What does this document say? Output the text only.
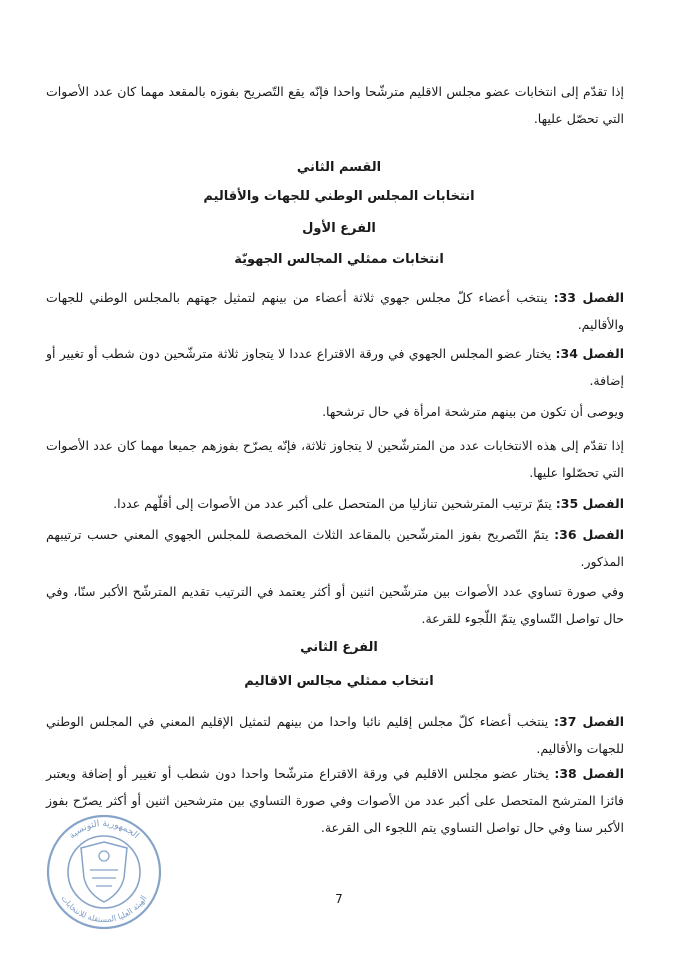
إذا تقدّم إلى انتخابات عضو مجلس الاقليم مترشّحا واحدا فإنّه يقع التّصريح بفوزه بالمقعد مهما كان عدد الأصوات التي تحصّل عليها.

القسم الثاني
انتخابات المجلس الوطني للجهات والأقاليم
الفرع الأول
انتخابات ممثلي المجالس الجهويّة

الفصل 33: ينتخب أعضاء كلّ مجلس جهوي ثلاثة أعضاء من بينهم لتمثيل جهتهم بالمجلس الوطني للجهات والأقاليم.

الفصل 34: يختار عضو المجلس الجهوي في ورقة الاقتراع عددا لا يتجاوز ثلاثة مترشّحين دون شطب أو تغيير أو إضافة.

ويوصى أن تكون من بينهم مترشحة امرأة في حال ترشحها.

إذا تقدّم إلى هذه الانتخابات عدد من المترشّحين لا يتجاوز ثلاثة، فإنّه يصرّح بفوزهم جميعا مهما كان عدد الأصوات التي تحصّلوا عليها.

الفصل 35: يتمّ ترتيب المترشحين تنازليا من المتحصل على أكبر عدد من الأصوات إلى أقلّهم عددا.

الفصل 36: يتمّ التّصريح بفوز المترشّحين بالمقاعد الثلاث المخصصة للمجلس الجهوي المعني حسب ترتيبهم المذكور.

وفي صورة تساوي عدد الأصوات بين مترشّحين اثنين أو أكثر يعتمد في الترتيب تقديم المترشّح الأكبر سنّا، وفي حال تواصل التّساوي يتمّ اللّجوء للقرعة.

الفرع الثاني
انتخاب ممثلي مجالس الاقاليم

الفصل 37: ينتخب أعضاء كلّ مجلس إقليم نائبا واحدا من بينهم لتمثيل الإقليم المعني في المجلس الوطني للجهات والأقاليم.

الفصل 38: يختار عضو مجلس الاقليم في ورقة الاقتراع مترشّحا واحدا دون شطب أو تغيير أو إضافة ويعتبر فائزا المترشح المتحصل على أكبر عدد من الأصوات وفي صورة التساوي بين مترشحين اثنين أو أكثر يصرّح بفوز الأكبر سنا وفي حال تواصل التساوي يتم اللجوء الى القرعة.

الجمهورية التونسية
الهيئة العليا المستقلة للانتخابات	7
